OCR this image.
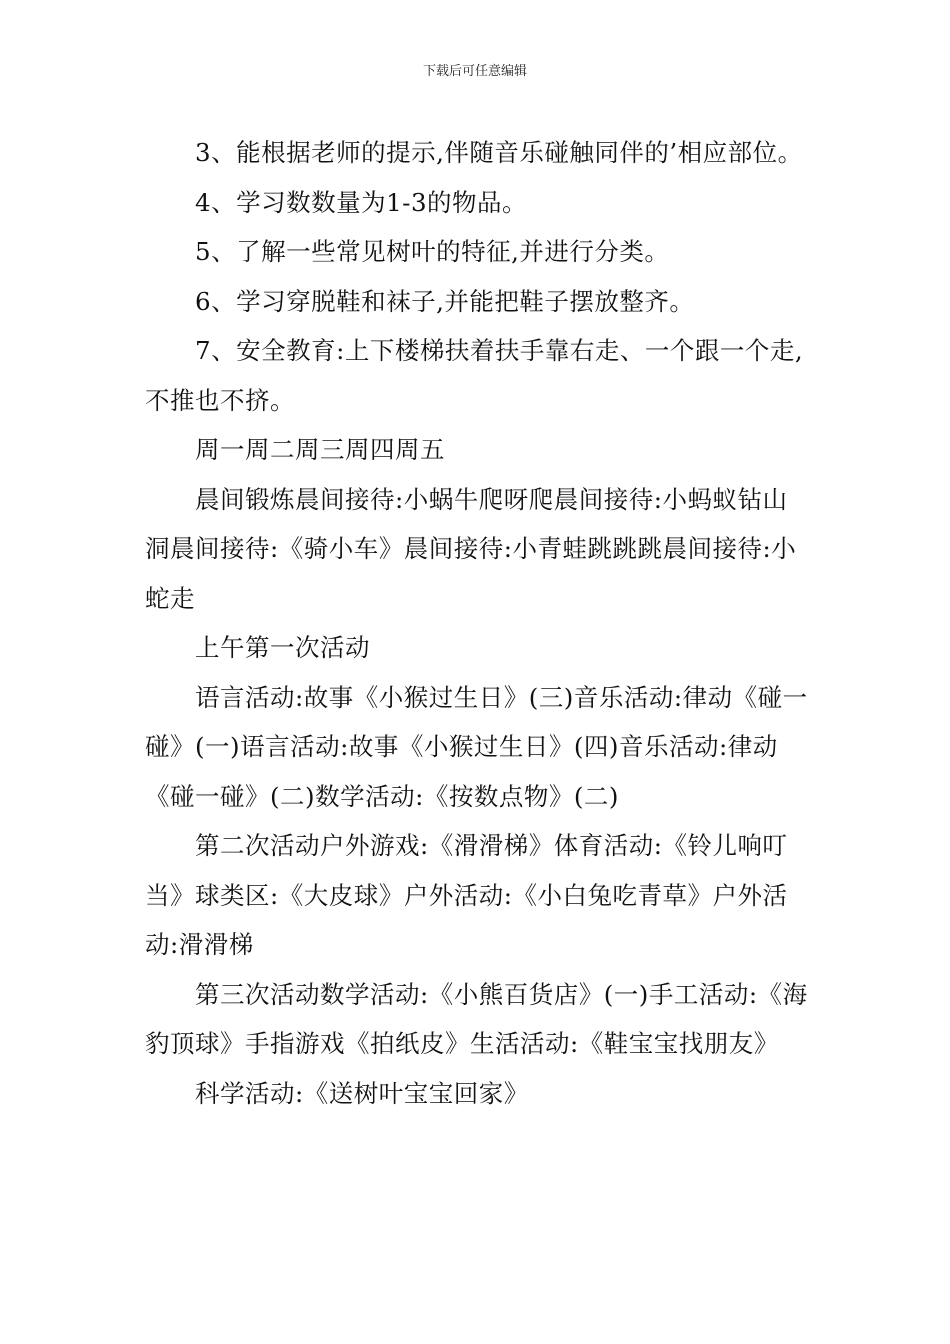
下载后可任意编辑

3、能根据老师的提示,伴随音乐碰触同伴的’相应部位。

4、学习数数量为1-3的物品。

5、了解一些常见树叶的特征,并进行分类。

6、学习穿脱鞋和袜子,并能把鞋子摆放整齐。

7、安全教育:上下楼梯扶着扶手靠右走、一个跟一个走,不推也不挤。

周一周二周三周四周五

晨间锻炼晨间接待:小蜗牛爬呀爬晨间接待:小蚂蚁钻山洞晨间接待:《骑小车》晨间接待:小青蛙跳跳跳晨间接待:小蛇走

上午第一次活动

语言活动:故事《小猴过生日》(三)音乐活动:律动《碰一碰》(一)语言活动:故事《小猴过生日》(四)音乐活动:律动《碰一碰》(二)数学活动:《按数点物》(二)

第二次活动户外游戏:《滑滑梯》体育活动:《铃儿响叮当》球类区:《大皮球》户外活动:《小白兔吃青草》户外活动:滑滑梯

第三次活动数学活动:《小熊百货店》(一)手工活动:《海豹顶球》手指游戏《拍纸皮》生活活动:《鞋宝宝找朋友》

科学活动:《送树叶宝宝回家》
